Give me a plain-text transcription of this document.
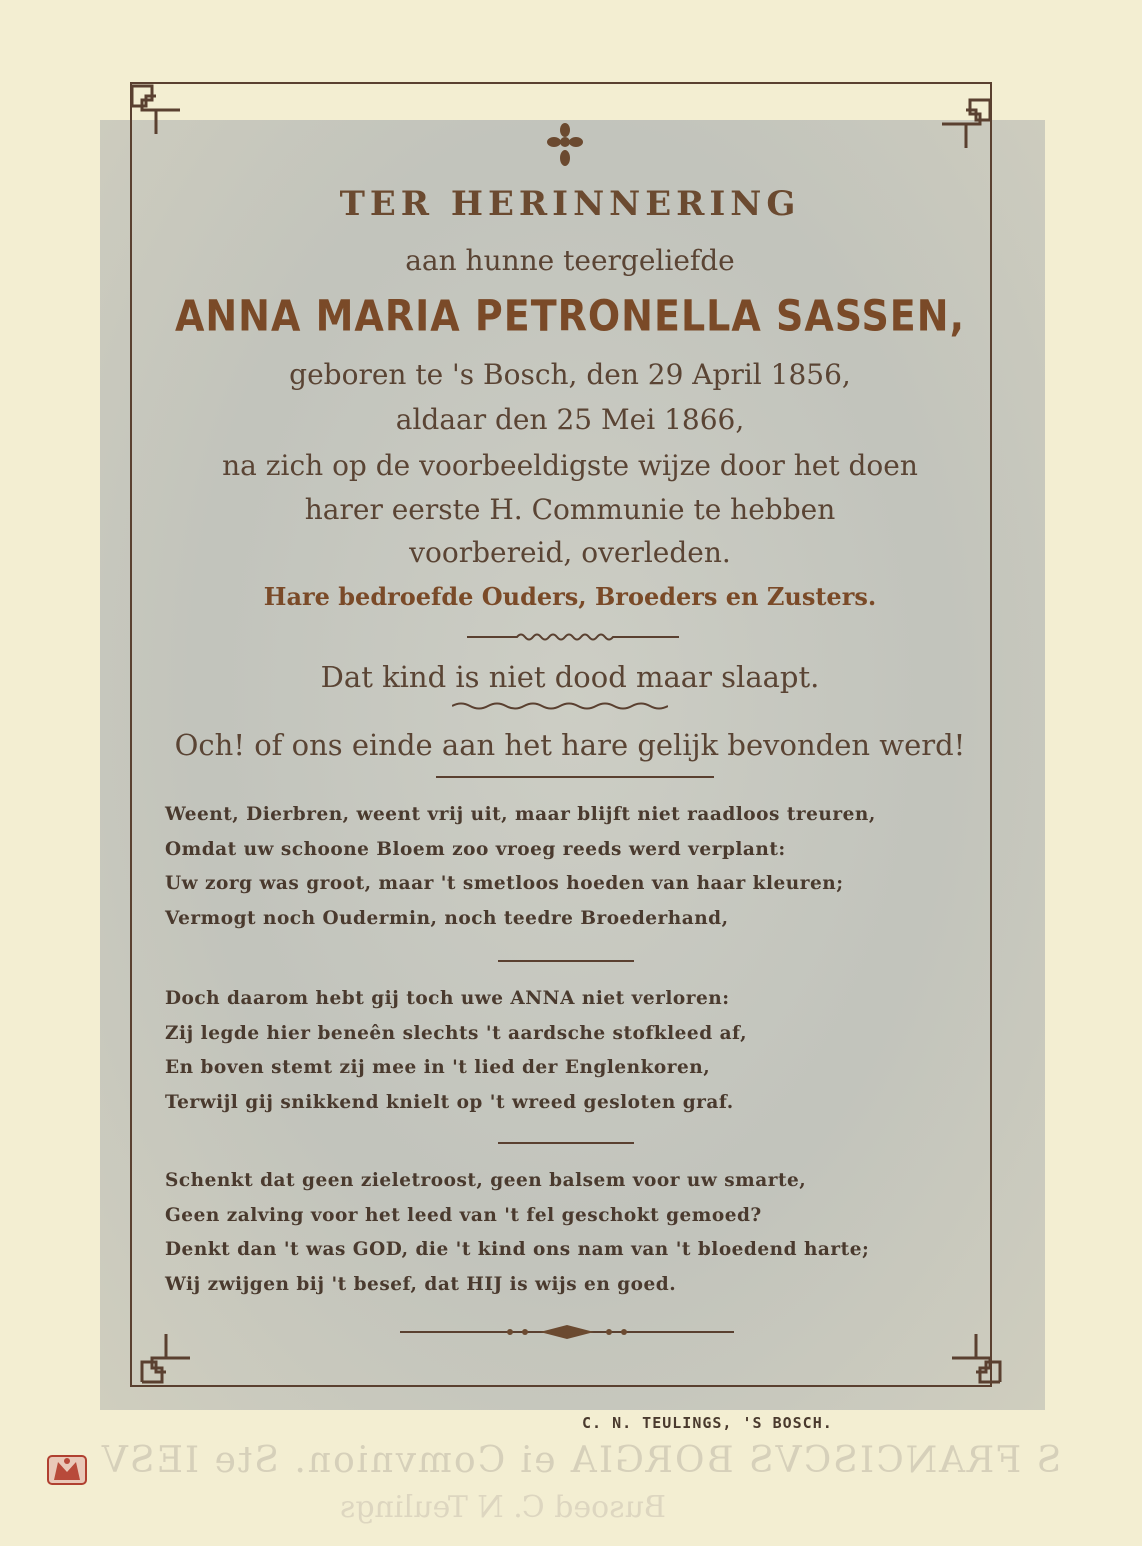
TER HERINNERING
aan hunne teergeliefde
ANNA MARIA PETRONELLA SASSEN,
geboren te 's Bosch, den 29 April 1856,
aldaar den 25 Mei 1866,
na zich op de voorbeeldigste wijze door het doen
harer eerste H. Communie te hebben
voorbereid, overleden.
Hare bedroefde Ouders, Broeders en Zusters.
Dat kind is niet dood maar slaapt.
Och! of ons einde aan het hare gelijk bevonden werd!
Weent, Dierbren, weent vrij uit, maar blijft niet raadloos treuren,
Omdat uw schoone Bloem zoo vroeg reeds werd verplant:
Uw zorg was groot, maar 't smetloos hoeden van haar kleuren;
Vermogt noch Oudermin, noch teedre Broederhand,
Doch daarom hebt gij toch uwe ANNA niet verloren:
Zij legde hier beneên slechts 't aardsche stofkleed af,
En boven stemt zij mee in 't lied der Englenkoren,
Terwijl gij snikkend knielt op 't wreed gesloten graf.
Schenkt dat geen zieletroost, geen balsem voor uw smarte,
Geen zalving voor het leed van 't fel geschokt gemoed?
Denkt dan 't was GOD, die 't kind ons nam van 't bloedend harte;
Wij zwijgen bij 't besef, dat HIJ is wijs en goed.
C. N. TEULINGS, 'S BOSCH.
S FRANCISCVS BORGIA ei Comvnion. Ste IESV
Busoed C. N Teulings
